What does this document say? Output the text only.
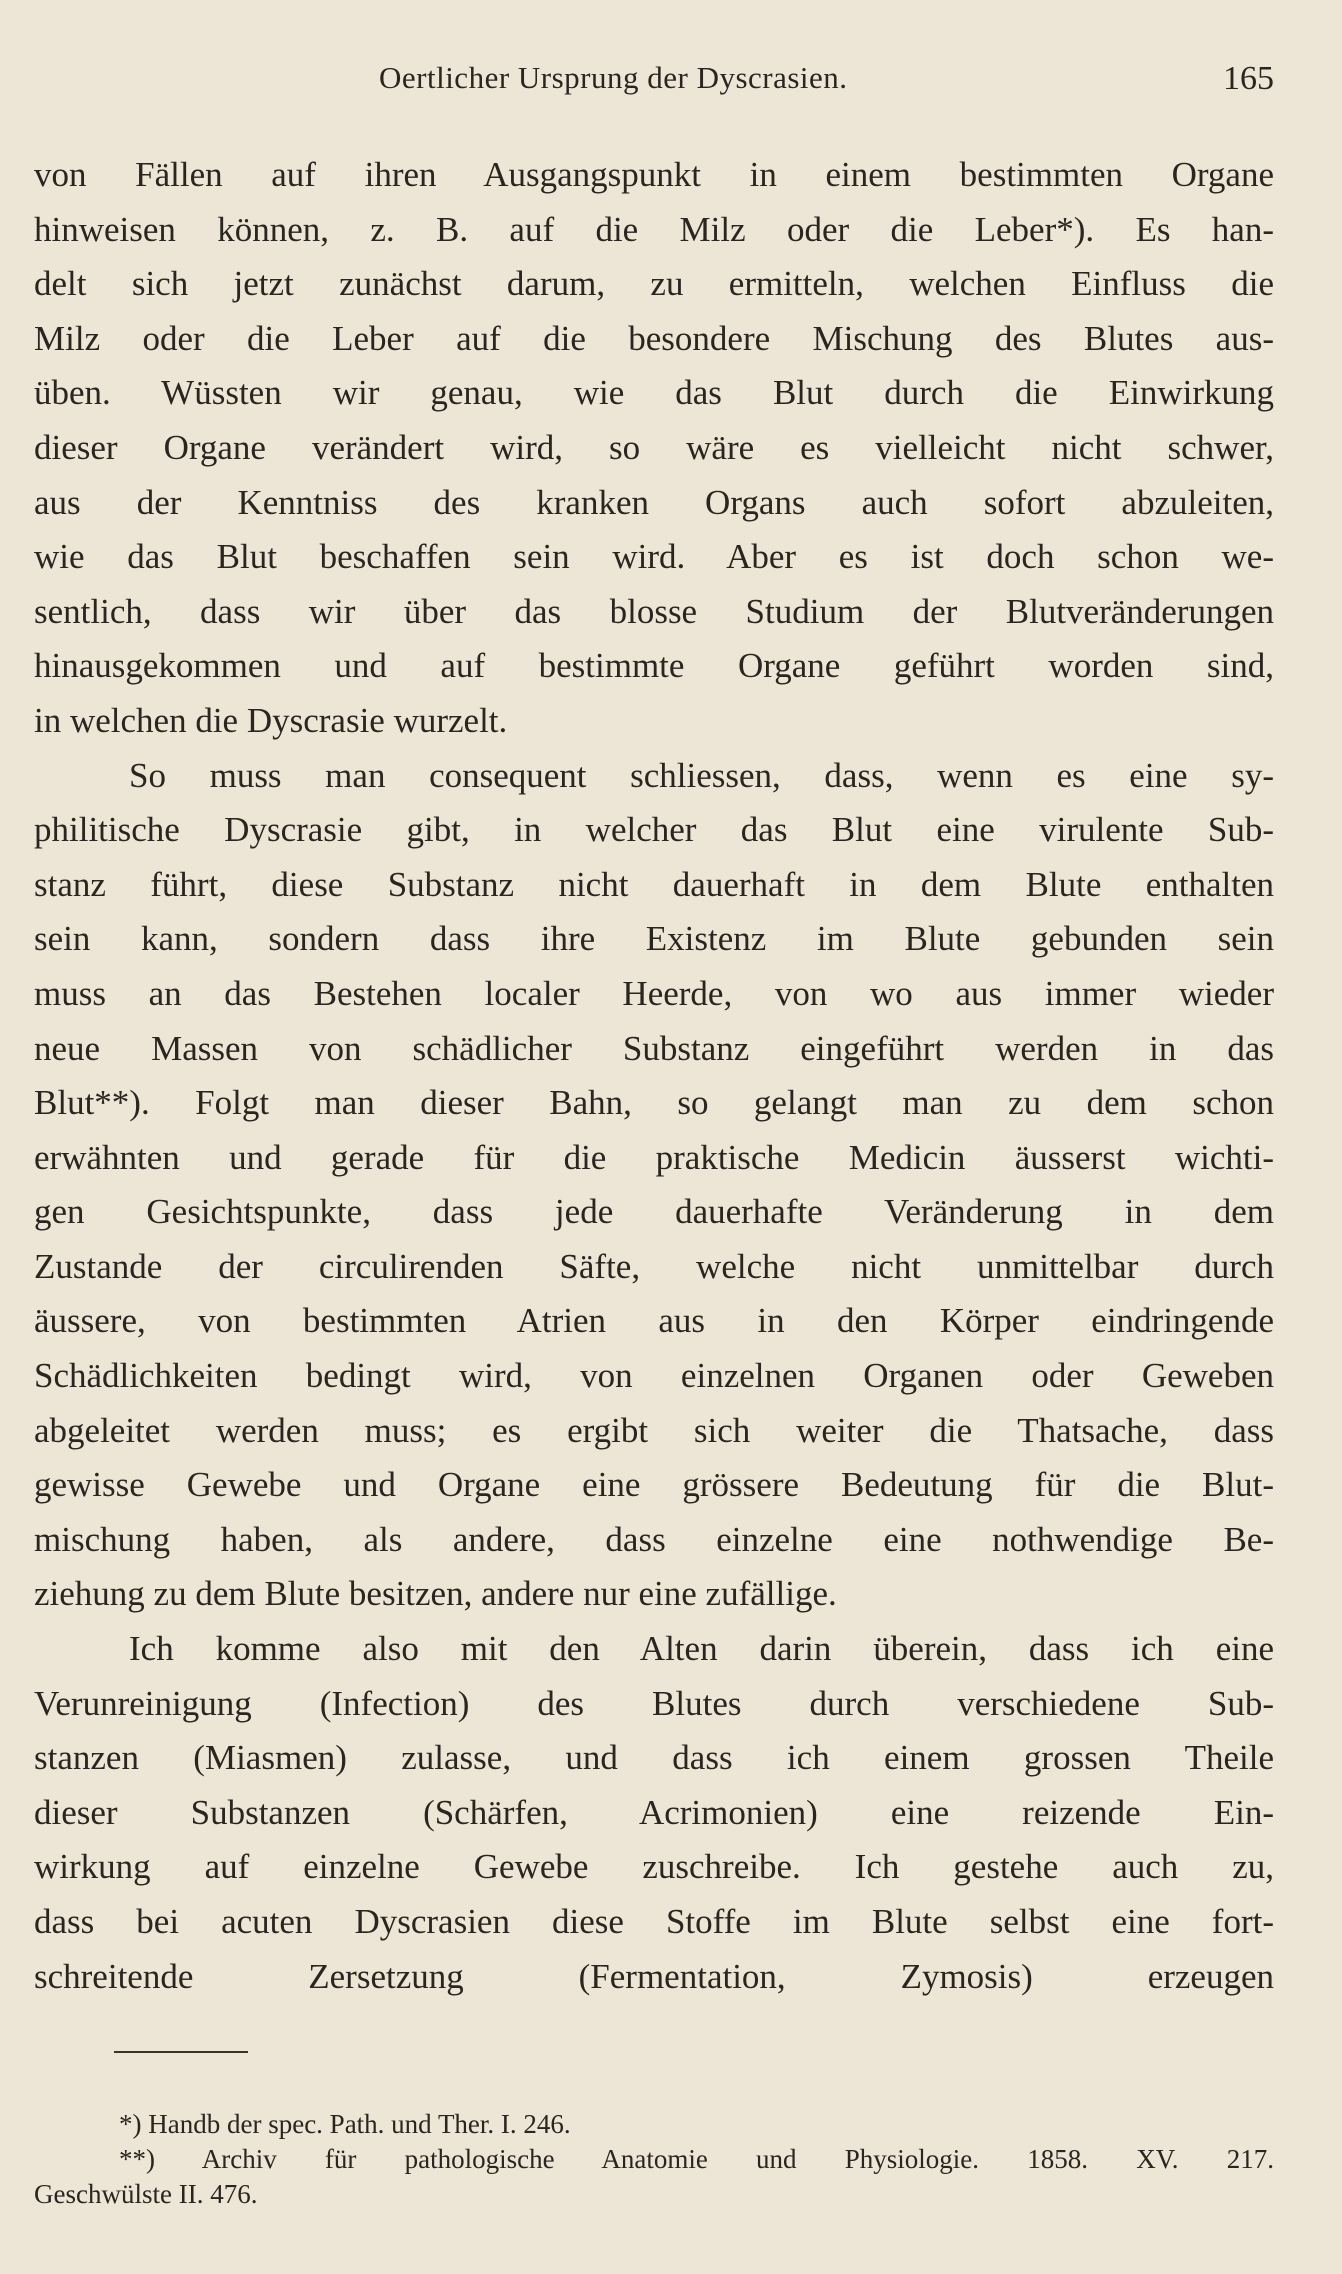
Oertlicher Ursprung der Dyscrasien.	165
von Fällen auf ihren Ausgangspunkt in einem bestimmten Organe
hinweisen können, z. B. auf die Milz oder die Leber*). Es han-
delt sich jetzt zunächst darum, zu ermitteln, welchen Einfluss die
Milz oder die Leber auf die besondere Mischung des Blutes aus-
üben. Wüssten wir genau, wie das Blut durch die Einwirkung
dieser Organe verändert wird, so wäre es vielleicht nicht schwer,
aus der Kenntniss des kranken Organs auch sofort abzuleiten,
wie das Blut beschaffen sein wird. Aber es ist doch schon we-
sentlich, dass wir über das blosse Studium der Blutveränderungen
hinausgekommen und auf bestimmte Organe geführt worden sind,
in welchen die Dyscrasie wurzelt.
So muss man consequent schliessen, dass, wenn es eine sy-
philitische Dyscrasie gibt, in welcher das Blut eine virulente Sub-
stanz führt, diese Substanz nicht dauerhaft in dem Blute enthalten
sein kann, sondern dass ihre Existenz im Blute gebunden sein
muss an das Bestehen localer Heerde, von wo aus immer wieder
neue Massen von schädlicher Substanz eingeführt werden in das
Blut**). Folgt man dieser Bahn, so gelangt man zu dem schon
erwähnten und gerade für die praktische Medicin äusserst wichti-
gen Gesichtspunkte, dass jede dauerhafte Veränderung in dem
Zustande der circulirenden Säfte, welche nicht unmittelbar durch
äussere, von bestimmten Atrien aus in den Körper eindringende
Schädlichkeiten bedingt wird, von einzelnen Organen oder Geweben
abgeleitet werden muss; es ergibt sich weiter die Thatsache, dass
gewisse Gewebe und Organe eine grössere Bedeutung für die Blut-
mischung haben, als andere, dass einzelne eine nothwendige Be-
ziehung zu dem Blute besitzen, andere nur eine zufällige.
Ich komme also mit den Alten darin überein, dass ich eine
Verunreinigung (Infection) des Blutes durch verschiedene Sub-
stanzen (Miasmen) zulasse, und dass ich einem grossen Theile
dieser Substanzen (Schärfen, Acrimonien) eine reizende Ein-
wirkung auf einzelne Gewebe zuschreibe. Ich gestehe auch zu,
dass bei acuten Dyscrasien diese Stoffe im Blute selbst eine fort-
schreitende Zersetzung (Fermentation, Zymosis) erzeugen
*) Handb der spec. Path. und Ther. I. 246.
**) Archiv für pathologische Anatomie und Physiologie. 1858. XV. 217.
Geschwülste II. 476.
